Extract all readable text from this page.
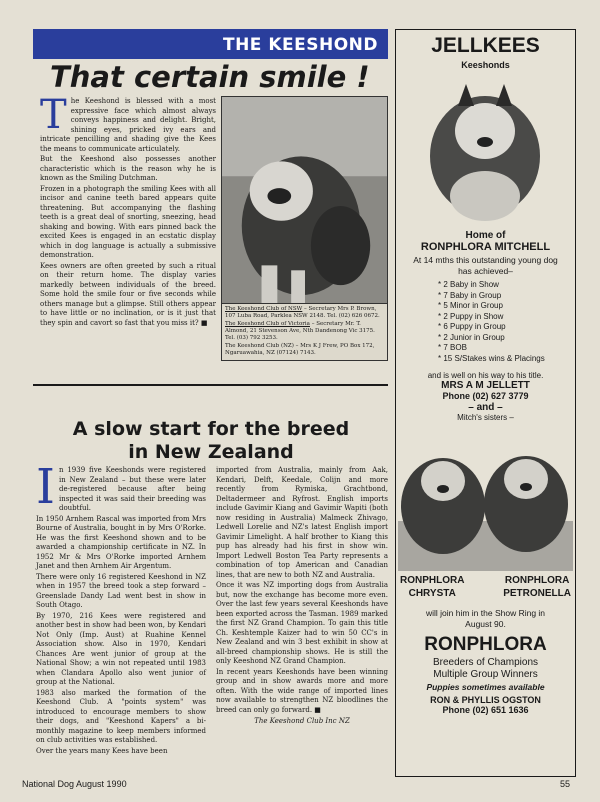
THE KEESHOND
That certain smile !
T he Keeshond is blessed with a most expressive face which almost always conveys happiness and delight. Bright, shining eyes, pricked ivy ears and intricate pencilling and shading give the Kees the means to communicate articulately.

But the Keeshond also possesses another characteristic which is the reason why he is known as the Smiling Dutchman.

Frozen in a photograph the smiling Kees with all incisor and canine teeth bared appears quite threatening. But accompanying the flashing teeth is a great deal of snorting, sneezing, head shaking and bowing. With ears pinned back the excited Kees is engaged in an ecstatic display which in dog language is actually a submissive demonstration.

Kees owners are often greeted by such a ritual on their return home. The display varies markedly between individuals of the breed. Some hold the smile four or five seconds while others manage but a glimpse. Still others appear to have little or no inclination, or is it just that they spin and cavort so fast that you miss it? ■

The Keeshond Club of NSW – Secretary Mrs P. Brown, 107 Luba Road, Parklea NSW 2148. Tel. (02) 626 0672.
The Keeshond Club of Victoria – Secretary Mr. T. Almond, 21 Stevenson Ave, Nth Dandenong Vic 3175. Tel. (03) 792 3253.
The Keeshond Club (NZ) – Mrs K J Frew, PO Box 172, Ngaruawahia, NZ (07124) 7143.
A slow start for the breed
in New Zealand
I n 1939 five Keeshonds were registered in New Zealand – but these were later de-registered because after being inspected it was said their breeding was doubtful.

In 1950 Arnhem Rascal was imported from Mrs Bourne of Australia, bought in by Mrs O'Rorke. He was the first Keeshond shown and to be awarded a championship certificate in NZ. In 1952 Mr & Mrs O'Rorke imported Arnhem Janet and then Arnhem Air Argentum.

There were only 16 registered Keeshond in NZ when in 1957 the breed took a step forward – Greenslade Dandy Lad went best in show in South Otago.

By 1970, 216 Kees were registered and another best in show had been won, by Kendari Not Only (Imp. Aust) at Ruahine Kennel Association show. Also in 1970, Kendari Chances Are went junior of group at the National Show; a win not repeated until 1983 when Clandara Apollo also went junior of group at the National.

1983 also marked the formation of the Keeshond Club. A "points system" was introduced to encourage members to show their dogs, and "Keeshond Kapers" a bi-monthly magazine to keep members informed on club activities was established.

Over the years many Kees have been

imported from Australia, mainly from Aak, Kendari, Delft, Keedale, Colijn and more recently from Rymiska, Grachtbond, Deltadermeer and Ryfrost. English imports include Gavimir Kiang and Gavimir Wapiti (both now residing in Australia) Malmeck Zhivago, Ledwell Lorelie and NZ's latest English import Gavimir Limelight. A half brother to Kiang this pup has already had his first in show win. Import Ledwell Boston Tea Party represents a combination of top American and Canadian lines, that are new to both NZ and Australia.

Once it was NZ importing dogs from Australia but, now the exchange has become more even. Over the last few years several Keeshonds have been exported across the Tasman. 1989 marked the first NZ Grand Champion. To gain this title Ch. Keshtemple Kaizer had to win 50 CC's in New Zealand and win 3 best exhibit in show at all-breed championship shows. He is still the only Keeshond NZ Grand Champion.

In recent years Keeshonds have been winning group and in show awards more and more often. With the wide range of imported lines now available to strengthen NZ bloodlines the breed can only go forward. ■

The Keeshond Club Inc NZ

JELLKEES
Keeshonds
Home of
RONPHLORA MITCHELL
At 14 mths this outstanding young dog has achieved–
* 2 Baby in Show
* 7 Baby in Group
* 5 Minor in Group
* 2 Puppy in Show
* 6 Puppy in Group
* 2 Junior in Group
* 7 BOB
* 15 S/Stakes wins & Placings
and is well on his way to his title.
MRS A M JELLETT
Phone (02) 627 3779
– and –
Mitch's sisters –
RONPHLORA
CHRYSTA
RONPHLORA
PETRONELLA
will join him in the Show Ring in August 90.
RONPHLORA
Breeders of Champions
Multiple Group Winners
Puppies sometimes available
RON & PHYLLIS OGSTON
Phone (02) 651 1636
National Dog August 1990	55
